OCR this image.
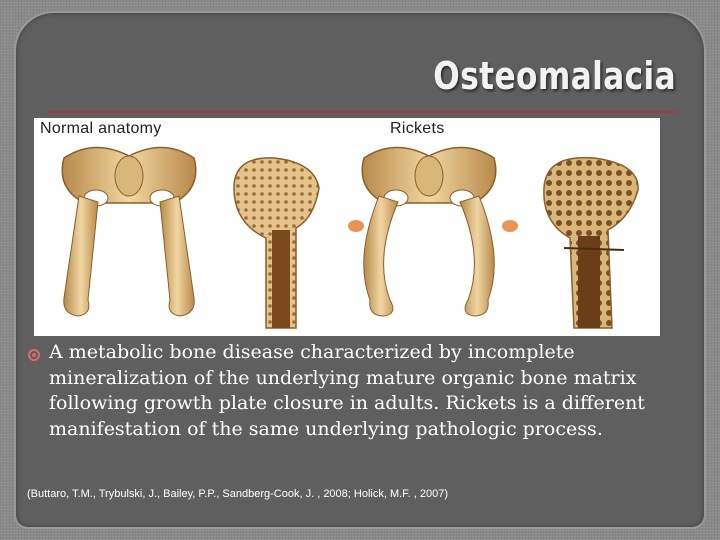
Osteomalacia
Normal anatomy	Rickets
A metabolic bone disease characterized by incomplete mineralization of the underlying mature organic bone matrix following growth plate closure in adults. Rickets is a different manifestation of the same underlying pathologic process.
(Buttaro, T.M., Trybulski, J., Bailey, P.P., Sandberg-Cook, J. , 2008; Holick, M.F. , 2007)
